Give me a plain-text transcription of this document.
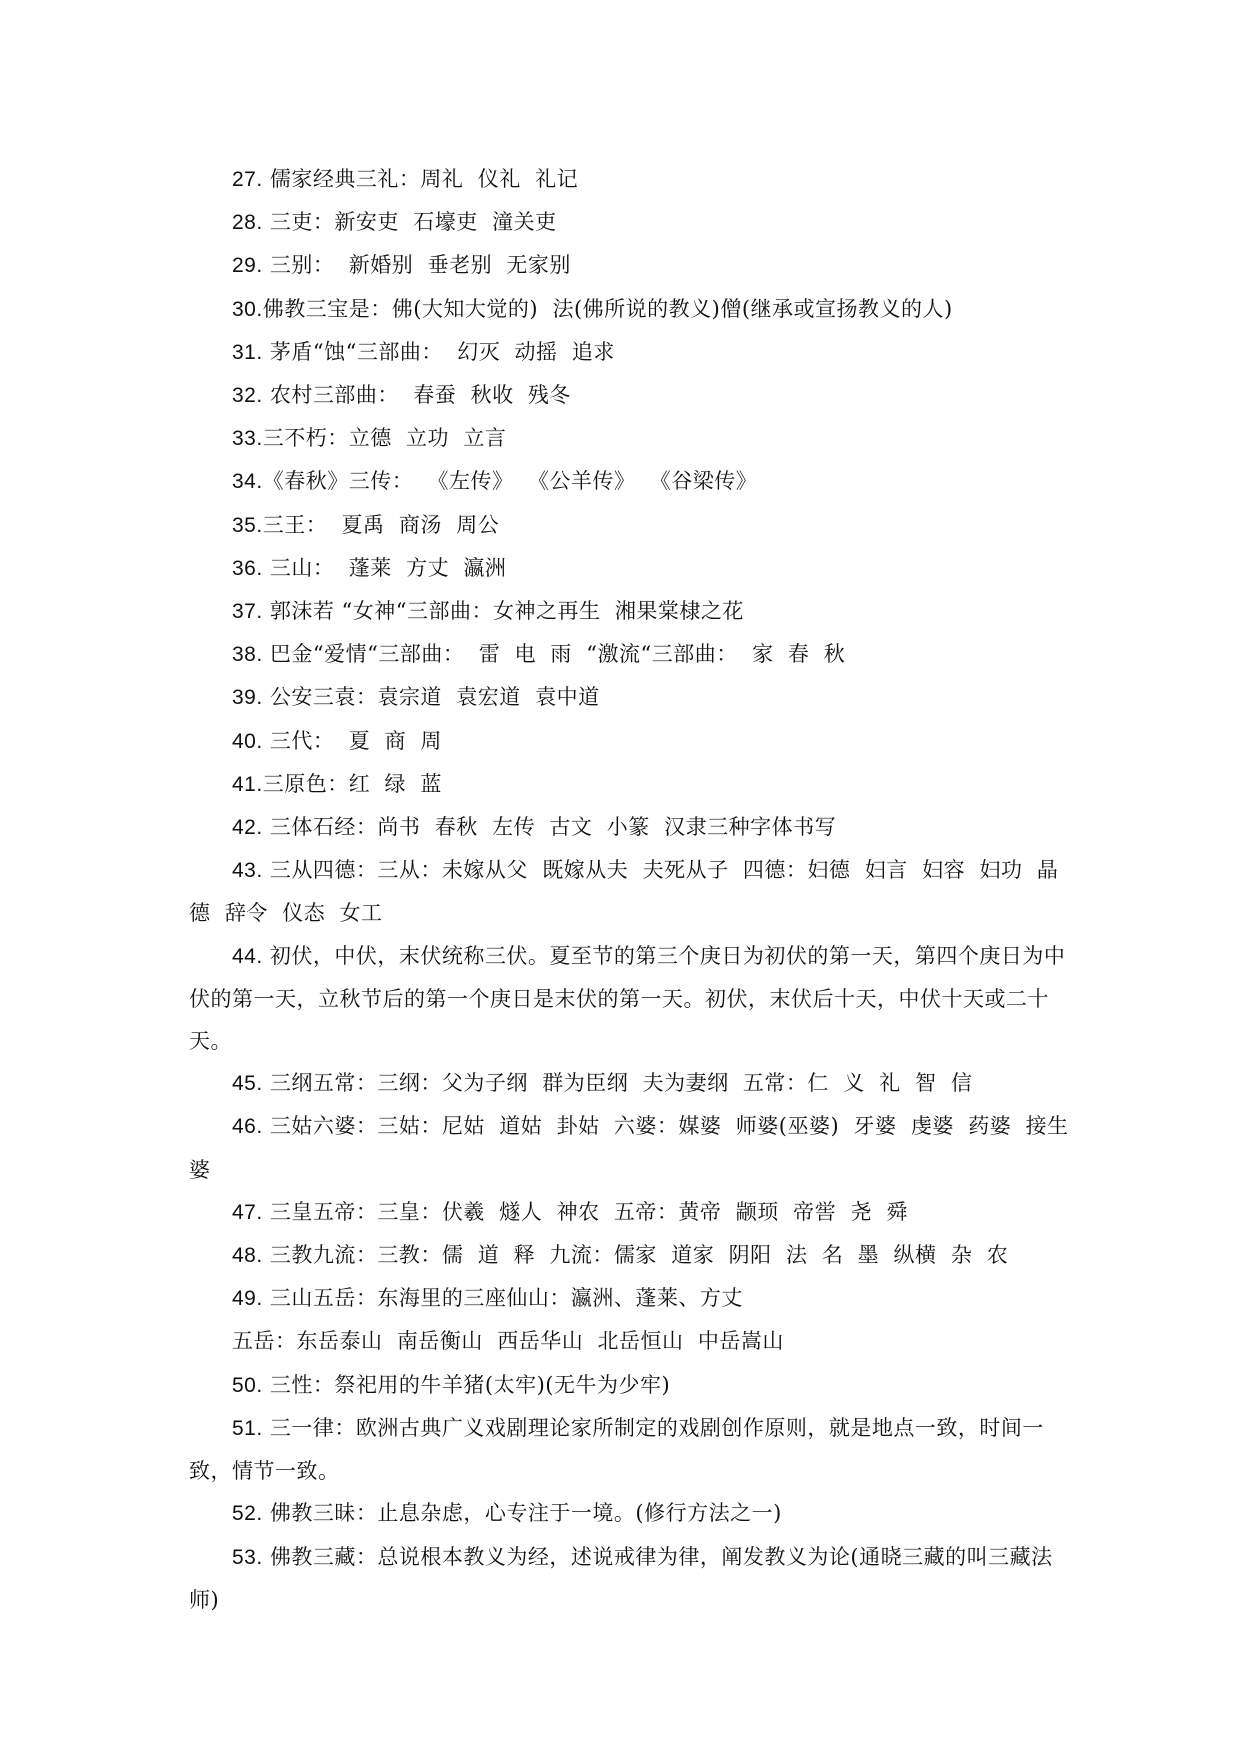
27. 儒家经典三礼：周礼  仪礼  礼记

28. 三吏：新安吏  石壕吏  潼关吏

29. 三别：  新婚别  垂老别  无家别

30.佛教三宝是：佛(大知大觉的)  法(佛所说的教义)僧(继承或宣扬教义的人)

31. 茅盾“蚀“三部曲：  幻灭  动摇  追求

32. 农村三部曲：  春蚕  秋收  残冬

33.三不朽：立德  立功  立言

34.《春秋》三传：  《左传》  《公羊传》  《谷梁传》

35.三王：  夏禹  商汤  周公

36. 三山：  蓬莱  方丈  瀛洲

37. 郭沫若 “女神“三部曲：女神之再生  湘果棠棣之花

38. 巴金“爱情“三部曲：  雷  电  雨  “激流“三部曲：  家  春  秋

39. 公安三袁：袁宗道  袁宏道  袁中道

40. 三代：  夏  商  周

41.三原色：红  绿  蓝

42. 三体石经：尚书  春秋  左传  古文  小篆  汉隶三种字体书写

43. 三从四德：三从：未嫁从父  既嫁从夫  夫死从子  四德：妇德  妇言  妇容  妇功  晶德  辞令  仪态  女工

44. 初伏，中伏，末伏统称三伏。夏至节的第三个庚日为初伏的第一天，第四个庚日为中伏的第一天，立秋节后的第一个庚日是末伏的第一天。初伏，末伏后十天，中伏十天或二十天。

45. 三纲五常：三纲：父为子纲  群为臣纲  夫为妻纲  五常：仁  义  礼  智  信

46. 三姑六婆：三姑：尼姑  道姑  卦姑  六婆：媒婆  师婆(巫婆)  牙婆  虔婆  药婆  接生婆

47. 三皇五帝：三皇：伏羲  燧人  神农  五帝：黄帝  颛顼  帝喾  尧  舜

48. 三教九流：三教：儒  道  释  九流：儒家  道家  阴阳  法  名  墨  纵横  杂  农

49. 三山五岳：东海里的三座仙山：瀛洲、蓬莱、方丈

五岳：东岳泰山  南岳衡山  西岳华山  北岳恒山  中岳嵩山

50. 三性：祭祀用的牛羊猪(太牢)(无牛为少牢)

51. 三一律：欧洲古典广义戏剧理论家所制定的戏剧创作原则，就是地点一致，时间一致，情节一致。

52. 佛教三昧：止息杂虑，心专注于一境。(修行方法之一)

53. 佛教三藏：总说根本教义为经，述说戒律为律，阐发教义为论(通晓三藏的叫三藏法师)
